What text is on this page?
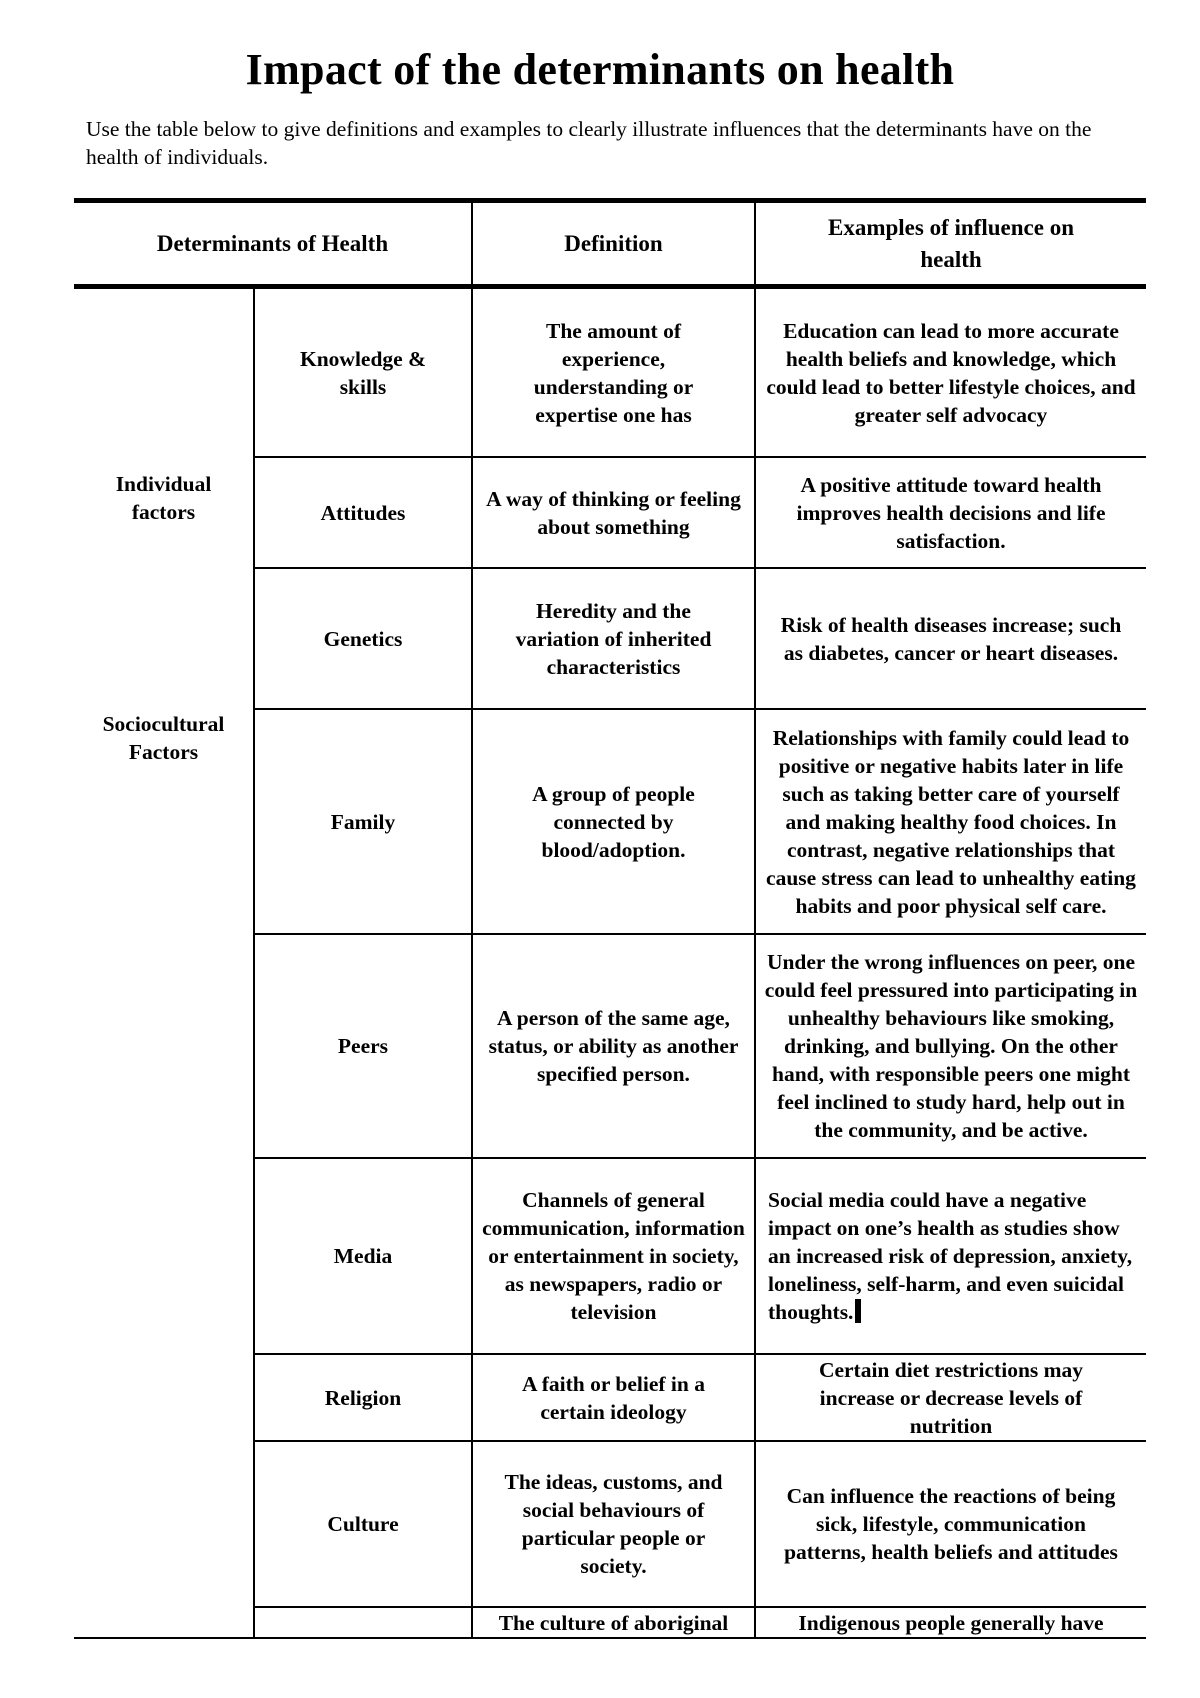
Impact of the determinants on health

Use the table below to give definitions and examples to clearly illustrate influences that the determinants have on the health of individuals.

Determinants of Health	Definition
Examples of influence on health
Individual factors
Sociocultural Factors
Knowledge & skills
The amount of experience, understanding or expertise one has
Education can lead to more accurate health beliefs and knowledge, which could lead to better lifestyle choices, and greater self advocacy
Attitudes
A way of thinking or feeling about something
A positive attitude toward health improves health decisions and life satisfaction.
Genetics
Heredity and the variation of inherited characteristics
Risk of health diseases increase; such as diabetes, cancer or heart diseases.
Family
A group of people connected by blood/adoption.
Relationships with family could lead to positive or negative habits later in life such as taking better care of yourself and making healthy food choices. In contrast, negative relationships that cause stress can lead to unhealthy eating habits and poor physical self care.
Peers
A person of the same age, status, or ability as another specified person.
Under the wrong influences on peer, one could feel pressured into participating in unhealthy behaviours like smoking, drinking, and bullying. On the other hand, with responsible peers one might feel inclined to study hard, help out in the community, and be active.
Media
Channels of general communication, information or entertainment in society, as newspapers, radio or television
Social media could have a negative impact on one’s health as studies show an increased risk of depression, anxiety, loneliness, self-harm, and even suicidal thoughts.
Religion
A faith or belief in a certain ideology
Certain diet restrictions may increase or decrease levels of nutrition
Culture
The ideas, customs, and social behaviours of particular people or society.
Can influence the reactions of being sick, lifestyle, communication patterns, health beliefs and attitudes
The culture of aboriginal	Indigenous people generally have
